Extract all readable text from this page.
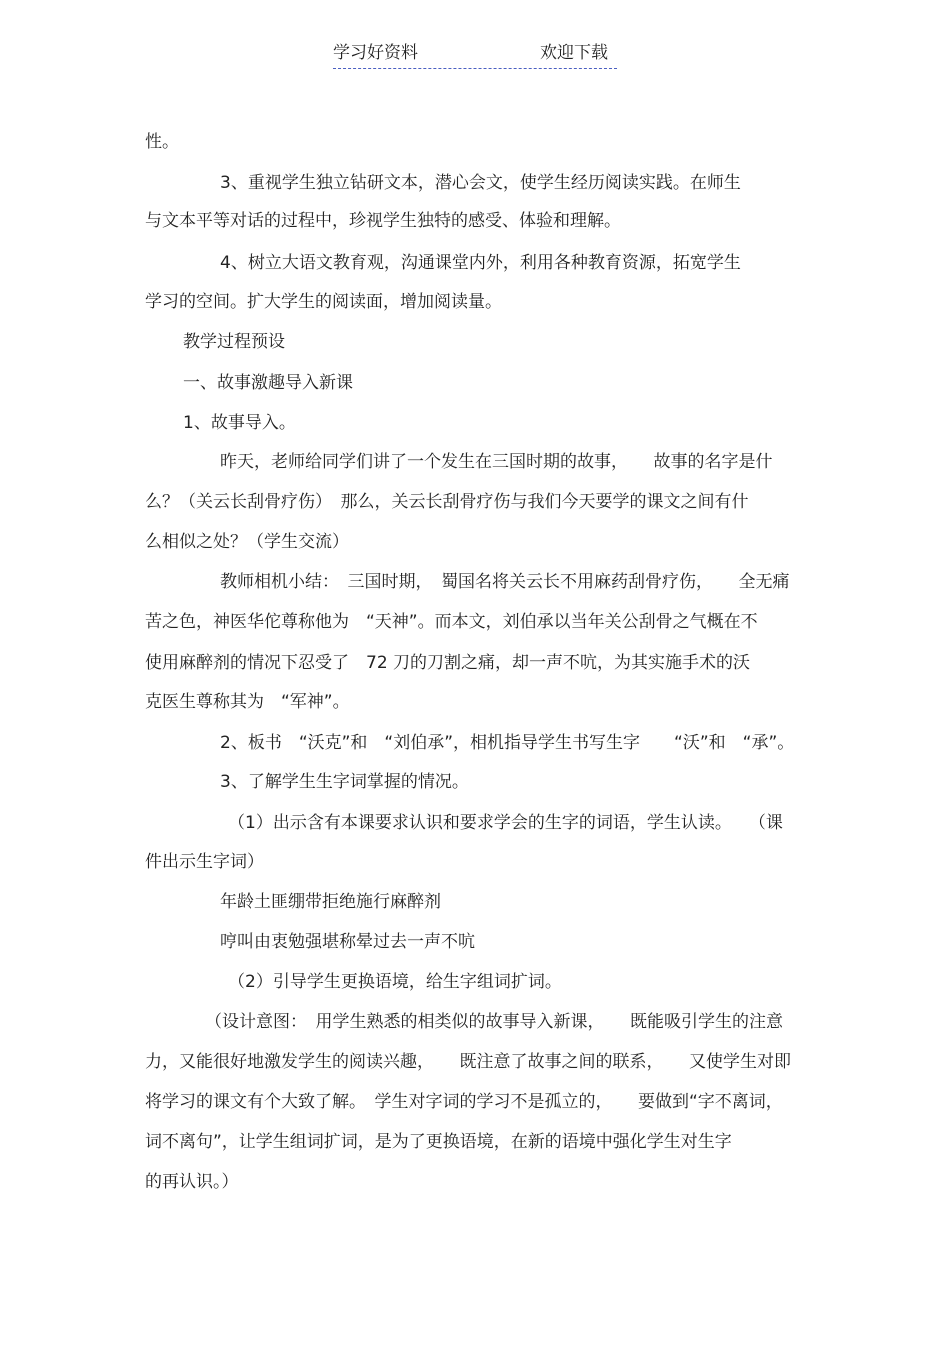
学习好资料	欢迎下载
性。
3、重视学生独立钻研文本，潜心会文，使学生经历阅读实践。在师生
与文本平等对话的过程中，珍视学生独特的感受、体验和理解。
4、树立大语文教育观，沟通课堂内外，利用各种教育资源，拓宽学生
学习的空间。扩大学生的阅读面，增加阅读量。
教学过程预设
一、故事激趣导入新课
1、故事导入。
昨天，老师给同学们讲了一个发生在三国时期的故事，　　故事的名字是什
么？（关云长刮骨疗伤）　那么，关云长刮骨疗伤与我们今天要学的课文之间有什
么相似之处？（学生交流）
教师相机小结：　三国时期，　蜀国名将关云长不用麻药刮骨疗伤，　　全无痛
苦之色，神医华佗尊称他为　“天神”。而本文，刘伯承以当年关公刮骨之气概在不
使用麻醉剂的情况下忍受了　72 刀的刀割之痛，却一声不吭，为其实施手术的沃
克医生尊称其为　“军神”。
2、板书　“沃克”和　“刘伯承”，相机指导学生书写生字　　“沃”和　“承”。
3、了解学生生字词掌握的情况。
（1）出示含有本课要求认识和要求学会的生字的词语，学生认读。　　（课
件出示生字词）
年龄土匪绷带拒绝施行麻醉剂
哼叫由衷勉强堪称晕过去一声不吭
（2）引导学生更换语境，给生字组词扩词。
（设计意图：　用学生熟悉的相类似的故事导入新课，　　既能吸引学生的注意
力，又能很好地激发学生的阅读兴趣，　　既注意了故事之间的联系，　　又使学生对即
将学习的课文有个大致了解。　学生对字词的学习不是孤立的，　　要做到“字不离词，
词不离句”，让学生组词扩词，是为了更换语境，在新的语境中强化学生对生字
的再认识。）
